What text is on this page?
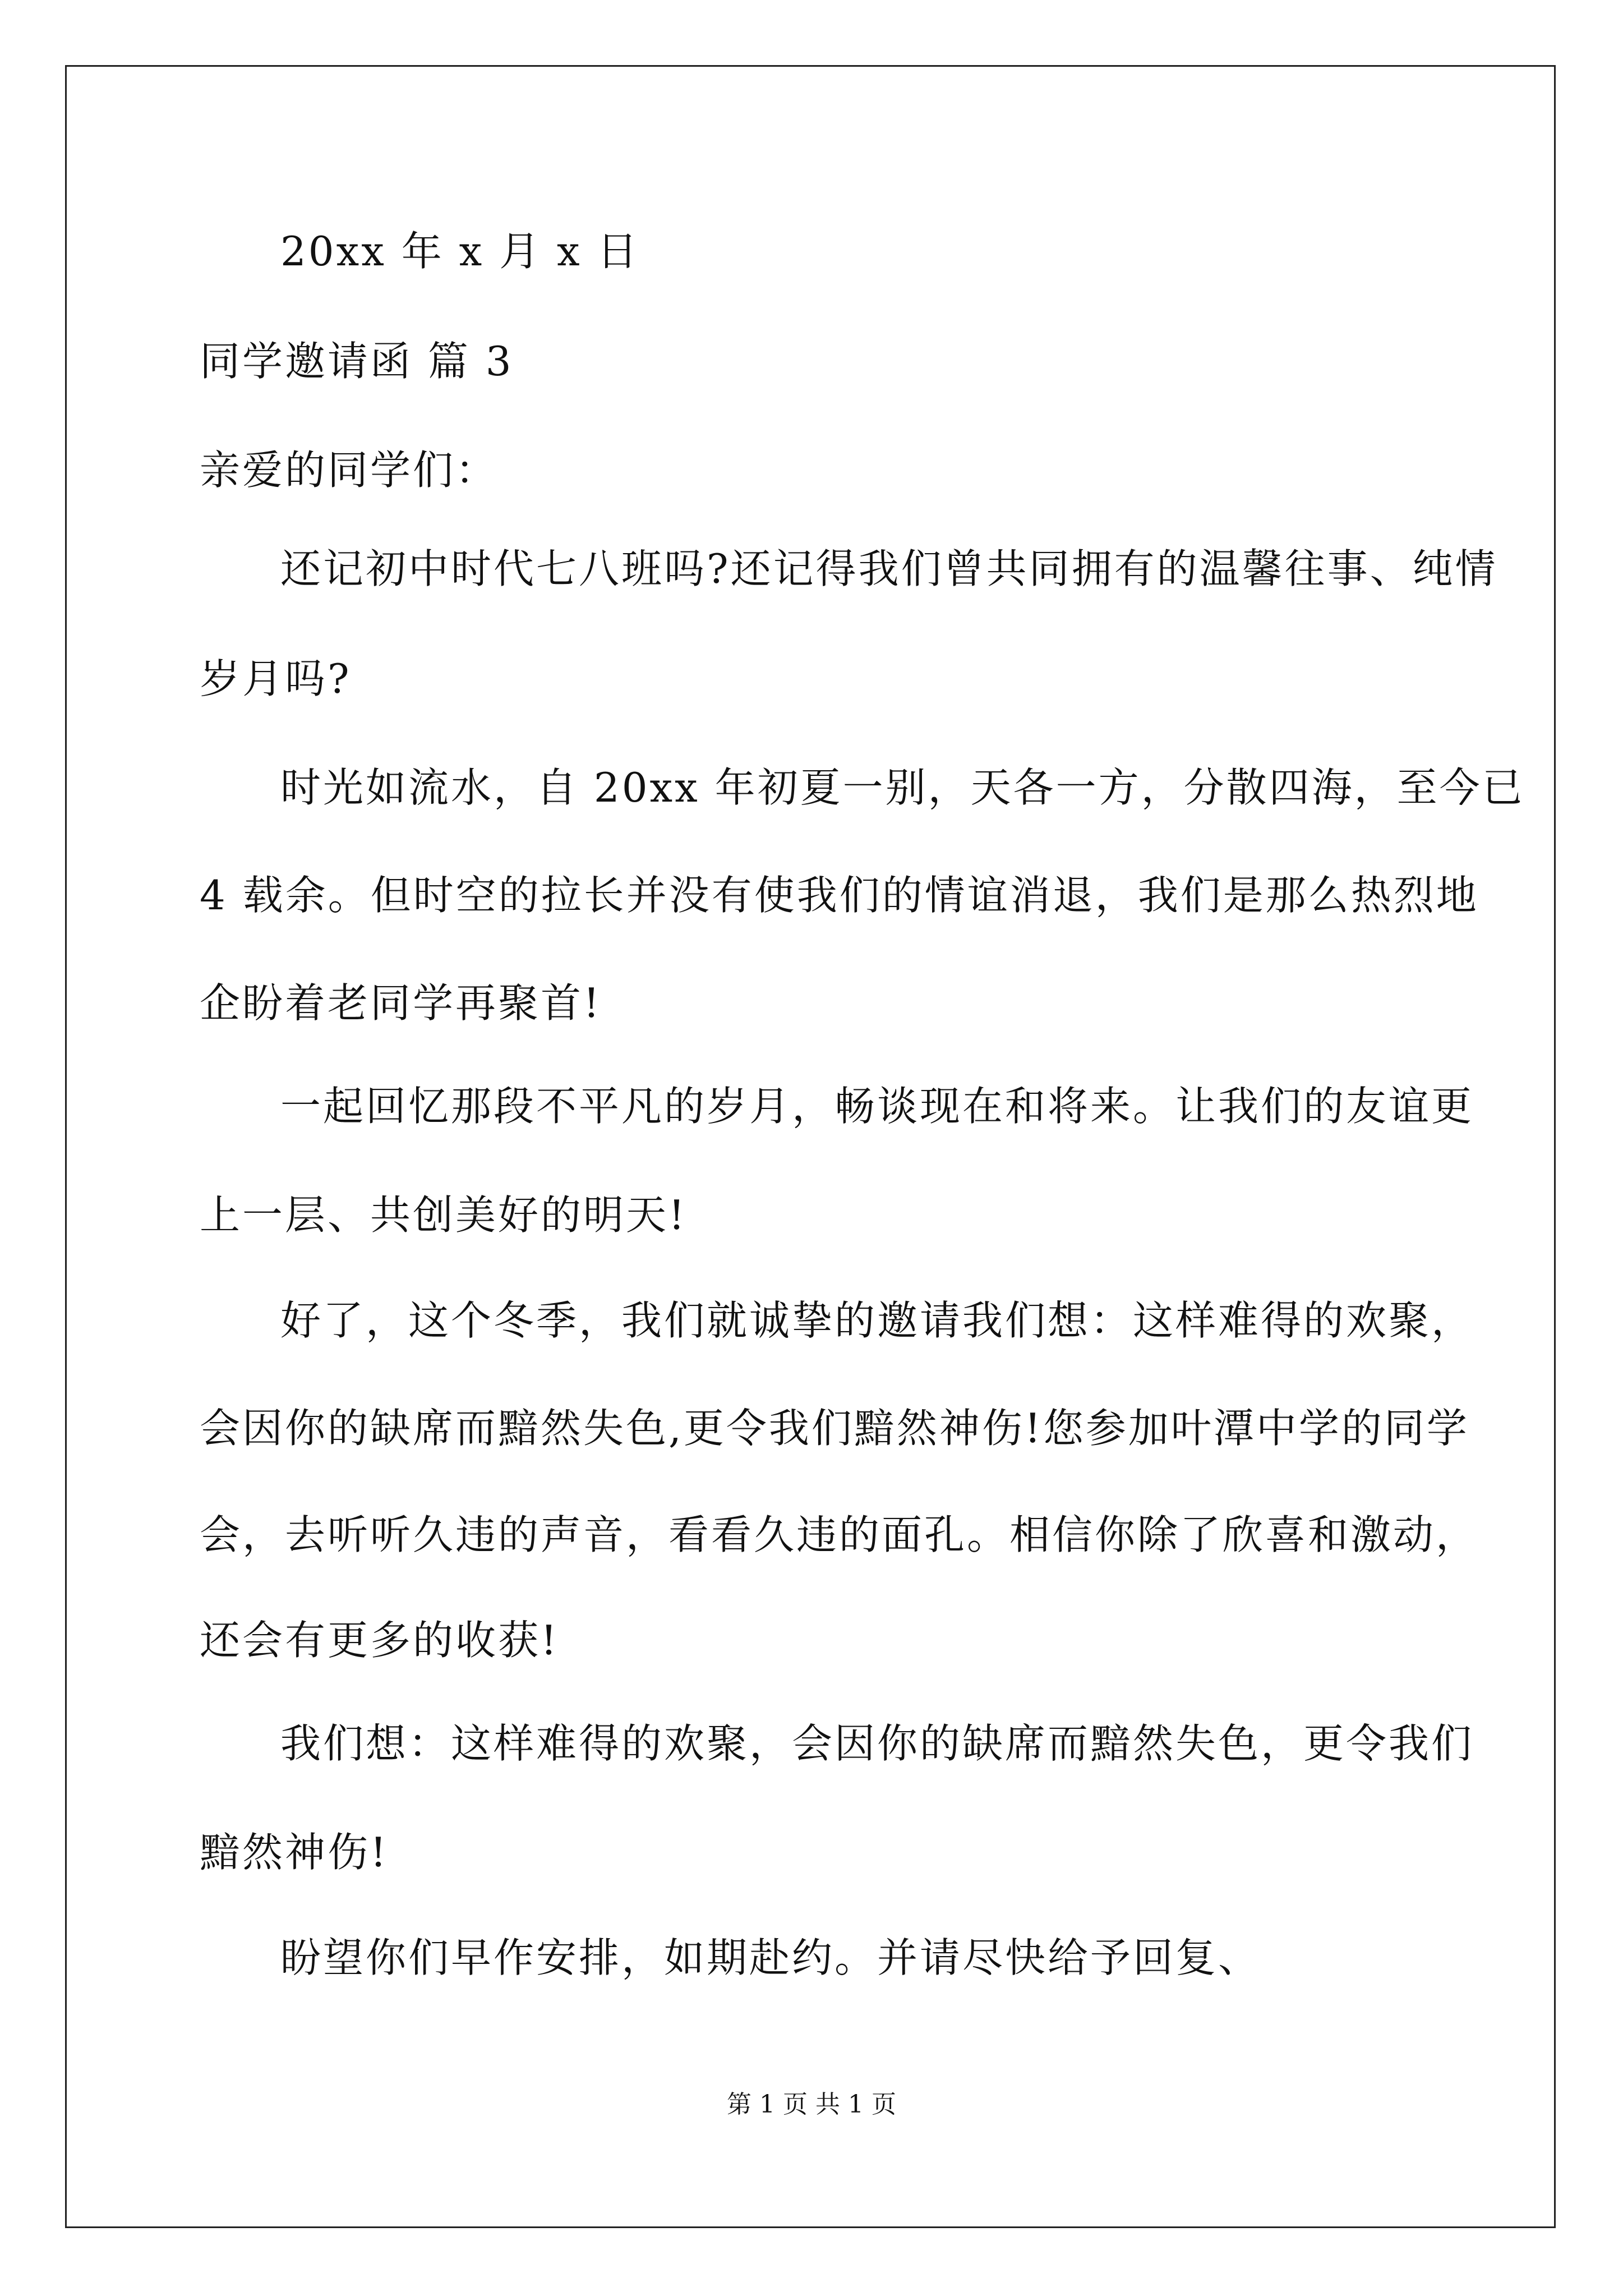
20xx 年 x 月 x 日
同学邀请函 篇 3
亲爱的同学们：
还记初中时代七八班吗?还记得我们曾共同拥有的温馨往事、纯情
岁月吗?
时光如流水，自 20xx 年初夏一别，天各一方，分散四海，至今已
4 载余。但时空的拉长并没有使我们的情谊消退，我们是那么热烈地
企盼着老同学再聚首!
一起回忆那段不平凡的岁月，畅谈现在和将来。让我们的友谊更
上一层、共创美好的明天!
好了，这个冬季，我们就诚挚的邀请我们想：这样难得的欢聚，
会因你的缺席而黯然失色,更令我们黯然神伤!您参加叶潭中学的同学
会，去听听久违的声音，看看久违的面孔。相信你除了欣喜和激动，
还会有更多的收获!
我们想：这样难得的欢聚，会因你的缺席而黯然失色，更令我们
黯然神伤!
盼望你们早作安排，如期赴约。并请尽快给予回复、
第 1 页 共 1 页
